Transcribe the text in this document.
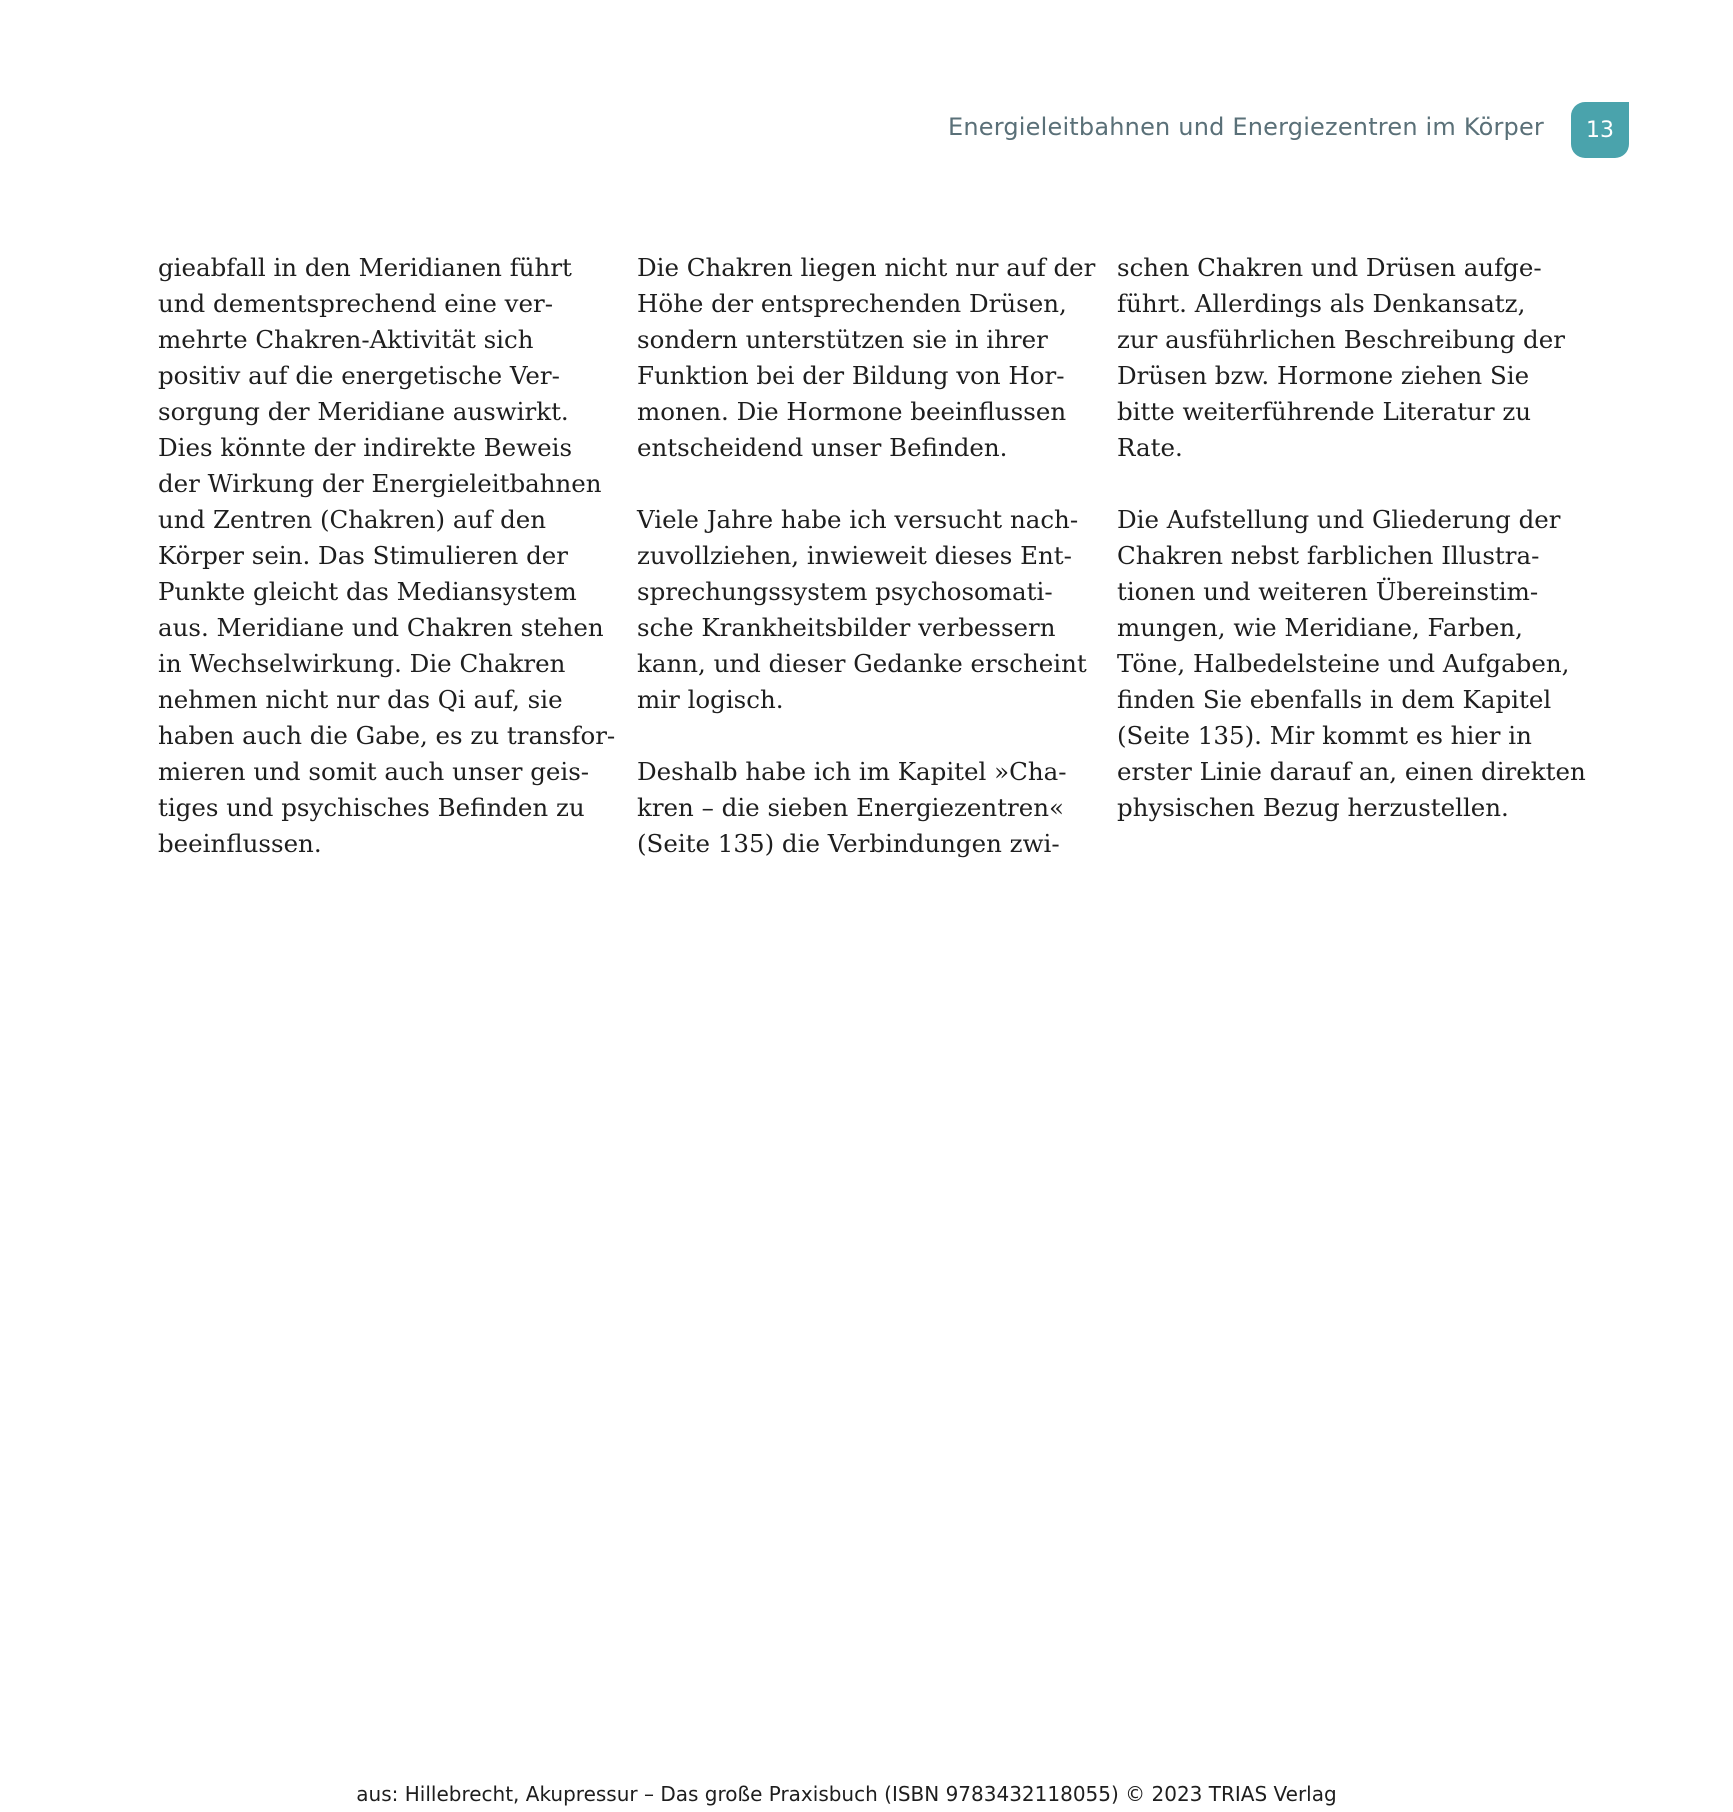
Energieleitbahnen und Energiezentren im Körper	13
gieabfall in den Meridianen führt
und dementsprechend eine ver-
mehrte Chakren-Aktivität sich
positiv auf die energetische Ver-
sorgung der Meridiane auswirkt.
Dies könnte der indirekte Beweis
der Wirkung der Energieleitbahnen
und Zentren (Chakren) auf den
Körper sein. Das Stimulieren der
Punkte gleicht das Mediansystem
aus. Meridiane und Chakren stehen
in Wechselwirkung. Die Chakren
nehmen nicht nur das Qi auf, sie
haben auch die Gabe, es zu transfor-
mieren und somit auch unser geis-
tiges und psychisches Befinden zu
beeinflussen.
Die Chakren liegen nicht nur auf der
Höhe der entsprechenden Drüsen,
sondern unterstützen sie in ihrer
Funktion bei der Bildung von Hor-
monen. Die Hormone beeinflussen
entscheidend unser Befinden.
Viele Jahre habe ich versucht nach-
zuvollziehen, inwieweit dieses Ent-
sprechungssystem psychosomati-
sche Krankheitsbilder verbessern
kann, und dieser Gedanke erscheint
mir logisch.
Deshalb habe ich im Kapitel »Cha-
kren – die sieben Energiezentren«
(Seite 135) die Verbindungen zwi-
schen Chakren und Drüsen aufge-
führt. Allerdings als Denkansatz,
zur ausführlichen Beschreibung der
Drüsen bzw. Hormone ziehen Sie
bitte weiterführende Literatur zu
Rate.
Die Aufstellung und Gliederung der
Chakren nebst farblichen Illustra-
tionen und weiteren Übereinstim-
mungen, wie Meridiane, Farben,
Töne, Halbedelsteine und Aufgaben,
finden Sie ebenfalls in dem Kapitel
(Seite 135). Mir kommt es hier in
erster Linie darauf an, einen direkten
physischen Bezug herzustellen.
aus: Hillebrecht, Akupressur – Das große Praxisbuch (ISBN 9783432118055) © 2023 TRIAS Verlag
